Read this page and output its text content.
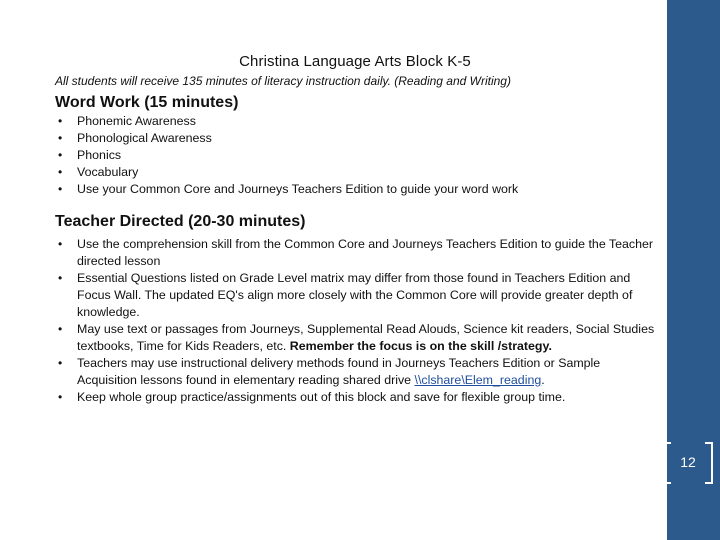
12
Christina Language Arts Block K-5

All students will receive 135 minutes of literacy instruction daily. (Reading and Writing)

Word Work (15 minutes)
• Phonemic Awareness
• Phonological Awareness
• Phonics
• Vocabulary
• Use your Common Core and Journeys Teachers Edition to guide your word work
Teacher Directed (20-30 minutes)
• Use the comprehension skill from the Common Core and Journeys Teachers Edition to guide the Teacher directed lesson
• Essential Questions listed on Grade Level matrix may differ from those found in Teachers Edition and Focus Wall. The updated EQ's align more closely with the Common Core will provide greater depth of knowledge.
• May use text or passages from Journeys, Supplemental Read Alouds, Science kit readers, Social Studies textbooks, Time for Kids Readers, etc. Remember the focus is on the skill /strategy.
• Teachers may use instructional delivery methods found in Journeys Teachers Edition or Sample Acquisition lessons found in elementary reading shared drive \\clshare\Elem_reading.
• Keep whole group practice/assignments out of this block and save for flexible group time.
